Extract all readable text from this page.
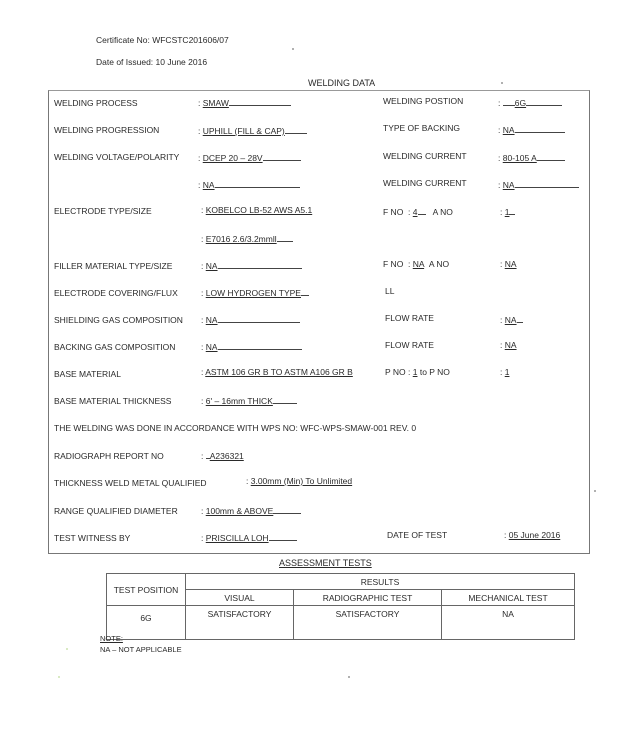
Certificate No: WFCSTC201606/07
Date of Issued: 10 June 2016
WELDING DATA
WELDING PROCESS	: SMAW
WELDING PROGRESSION	: UPHILL (FILL & CAP)
WELDING VOLTAGE/POLARITY : DCEP 20 – 28V
: NA
ELECTRODE TYPE/SIZE	: KOBELCO LB-52 AWS A5.1
: E7016 2.6/3.2mmll
FILLER MATERIAL TYPE/SIZE	: NA
ELECTRODE COVERING/FLUX	: LOW HYDROGEN TYPE
SHIELDING GAS COMPOSITION : NA
BACKING GAS COMPOSITION	: NA
BASE MATERIAL	: ASTM 106 GR B TO ASTM A106 GR B
BASE MATERIAL THICKNESS	: 6' – 16mm THICK
WELDING POSTION	: 6G
TYPE OF BACKING	: NA
WELDING CURRENT	: 80-105 A
WELDING CURRENT	: NA
F NO  : 4 A NO	: 1
F NO  : NA A NO	: NA
LL
FLOW RATE	: NA
FLOW RATE	: NA
P NO : 1 to P NO	: 1
THE WELDING WAS DONE IN ACCORDANCE WITH WPS NO: WFC-WPS-SMAW-001 REV. 0
RADIOGRAPH REPORT NO	: A236321
THICKNESS WELD METAL QUALIFIED	: 3.00mm (Min) To Unlimited
RANGE QUALIFIED DIAMETER	: 100mm & ABOVE
TEST WITNESS BY	: PRISCILLA LOH	DATE OF TEST	: 05 June 2016
ASSESSMENT TESTS
TEST POSITION	RESULTS		
	VISUAL	RADIOGRAPHIC TEST	MECHANICAL TEST
6G	SATISFACTORY	SATISFACTORY	NA
NOTE:
NA – NOT APPLICABLE
